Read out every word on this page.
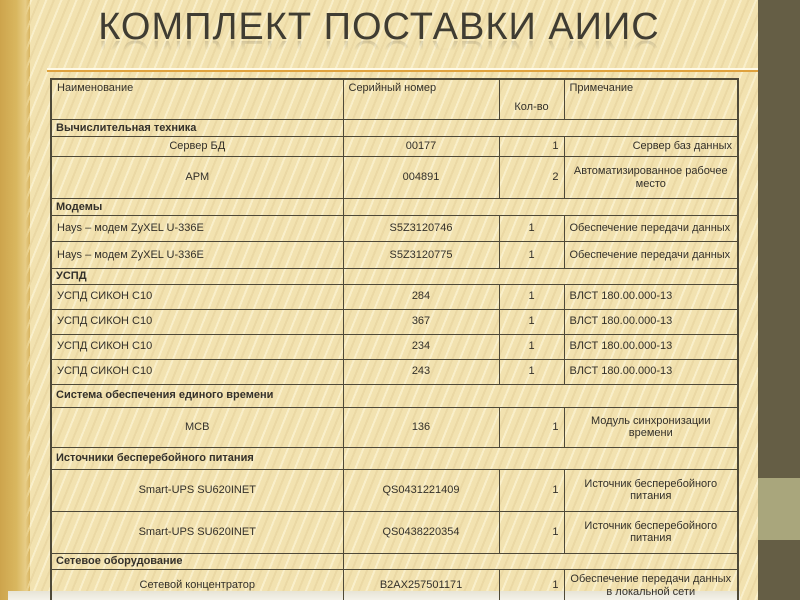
КОМПЛЕКТ ПОСТАВКИ АИИС
Наименование	Серийный номер	Кол-во	Примечание
Вычислительная техника			
Сервер БД	00177	1	Сервер баз данных
АРМ	004891	2	Автоматизированное рабочее место
Модемы			
Hays – модем ZyXEL U-336E	S5Z3120746	1	Обеспечение передачи данных
Hays – модем ZyXEL U-336E	S5Z3120775	1	Обеспечение передачи данных
УСПД			
УСПД СИКОН С10	284	1	ВЛСТ 180.00.000-13
УСПД СИКОН С10	367	1	ВЛСТ 180.00.000-13
УСПД СИКОН С10	234	1	ВЛСТ 180.00.000-13
УСПД СИКОН С10	243	1	ВЛСТ 180.00.000-13
Система обеспечения единого времени			
МСВ	136	1	Модуль синхронизации времени
Источники бесперебойного питания			
Smart-UPS SU620INET	QS0431221409	1	Источник бесперебойного питания
Smart-UPS SU620INET	QS0438220354	1	Источник бесперебойного питания
Сетевое оборудование			
Сетевой концентратор	B2AX257501171	1	Обеспечение передачи данных в локальной сети
